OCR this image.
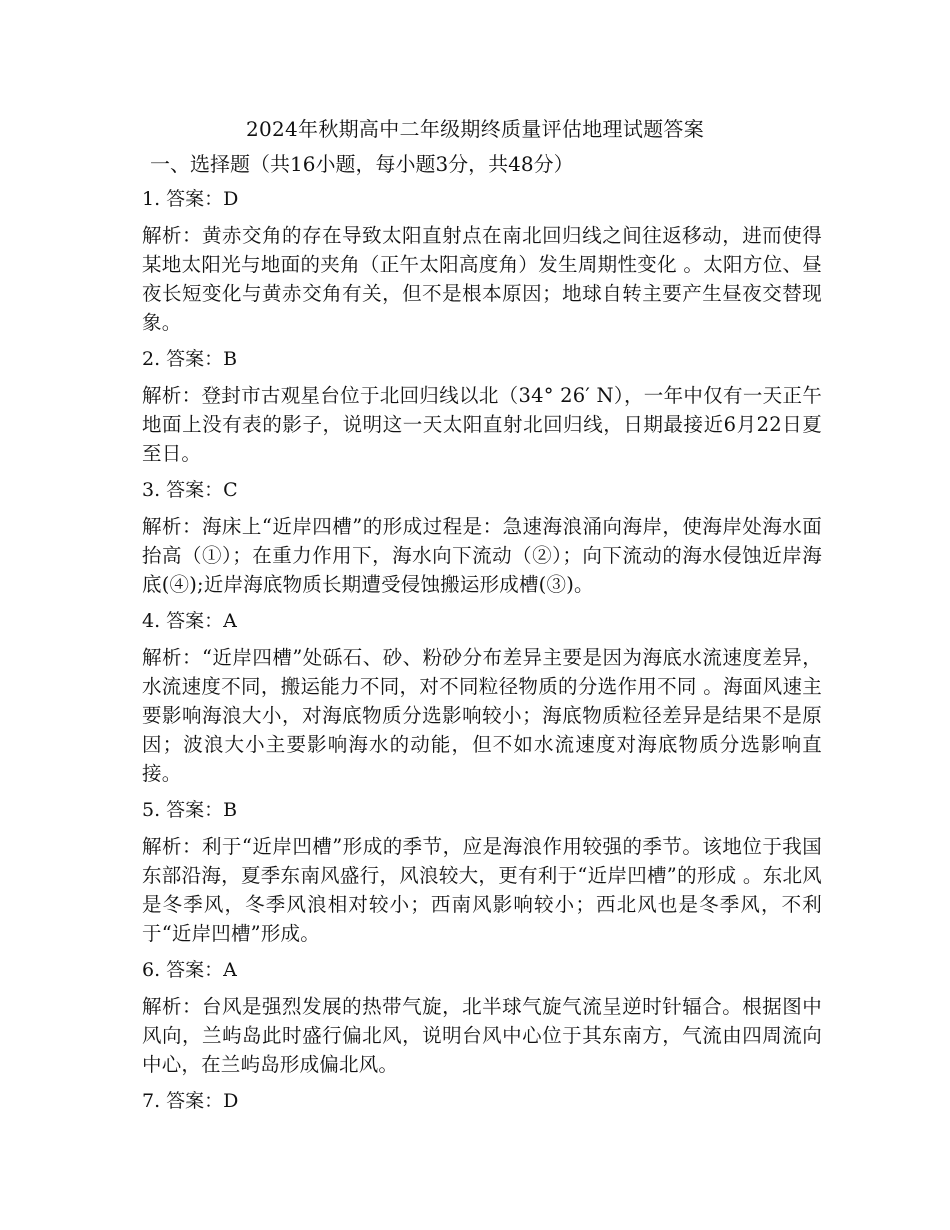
2024年秋期高中二年级期终质量评估地理试题答案
一、选择题（共16小题，每小题3分，共48分）
1. 答案：D
解析：黄赤交角的存在导致太阳直射点在南北回归线之间往返移动，进而使得某地太阳光与地面的夹角（正午太阳高度角）发生周期性变化 。太阳方位、昼夜长短变化与黄赤交角有关，但不是根本原因；地球自转主要产生昼夜交替现象。
2. 答案：B
解析：登封市古观星台位于北回归线以北（34° 26′ N），一年中仅有一天正午地面上没有表的影子，说明这一天太阳直射北回归线，日期最接近6月22日夏至日。
3. 答案：C
解析：海床上“近岸四槽”的形成过程是：急速海浪涌向海岸，使海岸处海水面抬高（①）；在重力作用下，海水向下流动（②）；向下流动的海水侵蚀近岸海底(④);近岸海底物质长期遭受侵蚀搬运形成槽(③)。
4. 答案：A
解析：“近岸四槽”处砾石、砂、粉砂分布差异主要是因为海底水流速度差异，水流速度不同，搬运能力不同，对不同粒径物质的分选作用不同 。海面风速主要影响海浪大小，对海底物质分选影响较小；海底物质粒径差异是结果不是原因；波浪大小主要影响海水的动能，但不如水流速度对海底物质分选影响直接。
5. 答案：B
解析：利于“近岸凹槽”形成的季节，应是海浪作用较强的季节。该地位于我国东部沿海，夏季东南风盛行，风浪较大，更有利于“近岸凹槽”的形成 。东北风是冬季风，冬季风浪相对较小；西南风影响较小；西北风也是冬季风，不利于“近岸凹槽”形成。
6. 答案：A
解析：台风是强烈发展的热带气旋，北半球气旋气流呈逆时针辐合。根据图中风向，兰屿岛此时盛行偏北风，说明台风中心位于其东南方，气流由四周流向中心，在兰屿岛形成偏北风。
7. 答案：D
